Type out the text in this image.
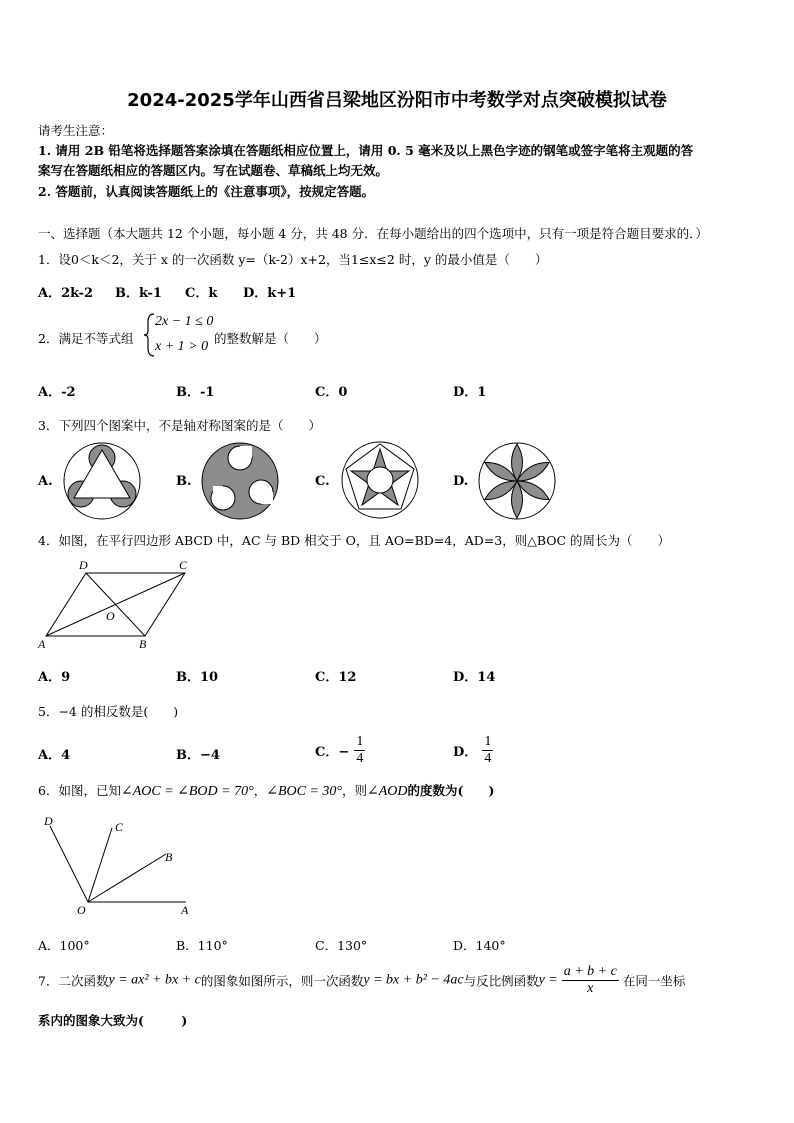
2024-2025学年山西省吕梁地区汾阳市中考数学对点突破模拟试卷
请考生注意：
1. 请用 2B 铅笔将选择题答案涂填在答题纸相应位置上，请用 0. 5 毫米及以上黑色字迹的钢笔或签字笔将主观题的答
案写在答题纸相应的答题区内。写在试题卷、草稿纸上均无效。
2. 答题前，认真阅读答题纸上的《注意事项》，按规定答题。
一、选择题（本大题共 12 个小题，每小题 4 分，共 48 分．在每小题给出的四个选项中，只有一项是符合题目要求的．）
1．设0＜k＜2，关于 x 的一次函数 y=（k-2）x+2，当1≤x≤2 时，y 的最小值是（　　）
A．2k-2 B．k-1 C．k D．k+1
2．满足不等式组
2x − 1 ≤ 0
x + 1 > 0
的整数解是（　　）
A．-2	B．-1	C．0	D．1
3．下列四个图案中，不是轴对称图案的是（　　）
A.	B.	C.	D.
4．如图，在平行四边形 ABCD 中，AC 与 BD 相交于 O，且 AO=BD=4，AD=3，则△BOC 的周长为（　　）
D	C
O
A	B
A．9	B．10	C．12	D．14
5．−4 的相反数是(　　)
A．4	B．−4	C．− $\frac{1}{4}$	D． $\frac{1}{4}$
6．如图，已知∠AOC = ∠BOD = 70°，∠BOC = 30°，则∠AOD的度数为(　　)
D	C
B
O	A
A．100°	B．110°	C．130°	D．140°
7．二次函数y = ax² + bx + c的图象如图所示，则一次函数y = bx + b² − 4ac与反比例函数$y = \frac{a + b + c}{x}$ 在同一坐标
系内的图象大致为(　　　)
